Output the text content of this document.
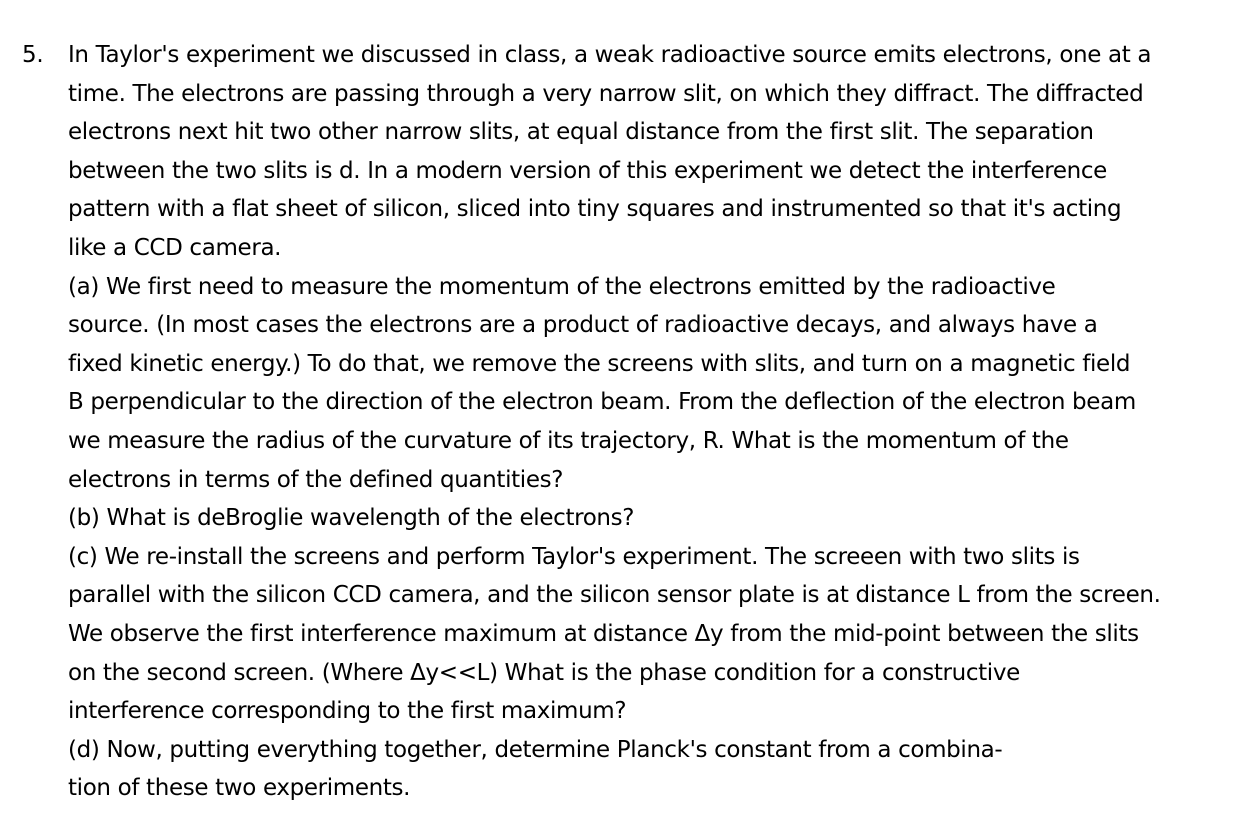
5. In Taylor's experiment we discussed in class, a weak radioactive source emits electrons, one at a
time. The electrons are passing through a very narrow slit, on which they diffract. The diffracted
electrons next hit two other narrow slits, at equal distance from the first slit. The separation
between the two slits is d. In a modern version of this experiment we detect the interference
pattern with a flat sheet of silicon, sliced into tiny squares and instrumented so that it's acting
like a CCD camera.
(a) We first need to measure the momentum of the electrons emitted by the radioactive
source. (In most cases the electrons are a product of radioactive decays, and always have a
fixed kinetic energy.) To do that, we remove the screens with slits, and turn on a magnetic field
B perpendicular to the direction of the electron beam. From the deflection of the electron beam
we measure the radius of the curvature of its trajectory, R. What is the momentum of the
electrons in terms of the defined quantities?
(b) What is deBroglie wavelength of the electrons?
(c) We re-install the screens and perform Taylor's experiment. The screeen with two slits is
parallel with the silicon CCD camera, and the silicon sensor plate is at distance L from the screen.
We observe the first interference maximum at distance Δy from the mid-point between the slits
on the second screen. (Where Δy<<L) What is the phase condition for a constructive
interference corresponding to the first maximum?
(d) Now, putting everything together, determine Planck's constant from a combina-
tion of these two experiments.
